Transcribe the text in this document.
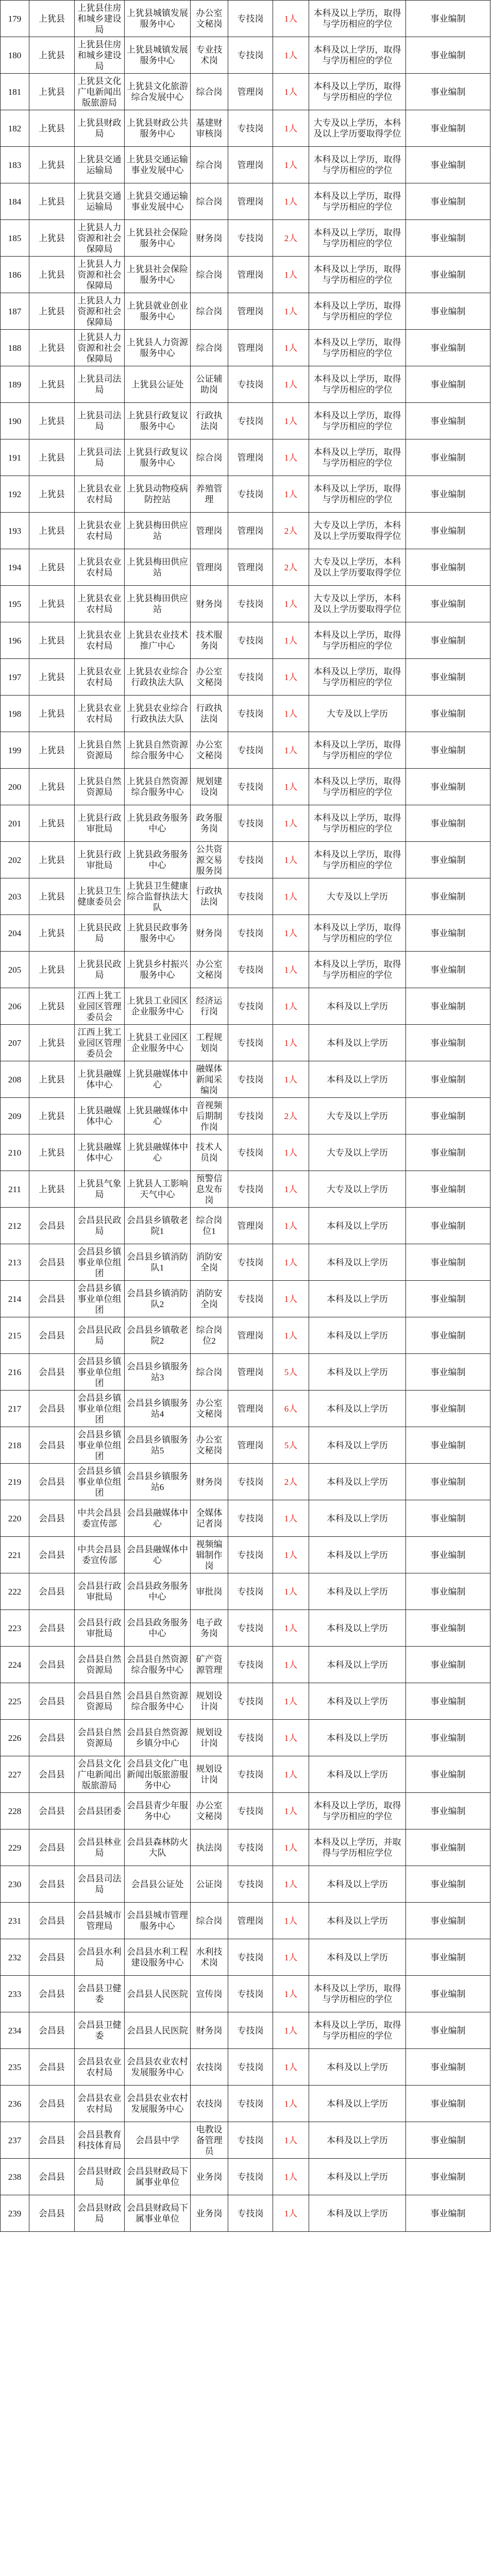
179	上犹县	上犹县住房和城乡建设局	上犹县城镇发展服务中心	办公室文秘岗	专技岗	1人	本科及以上学历，取得与学历相应的学位	事业编制
180	上犹县	上犹县住房和城乡建设局	上犹县城镇发展服务中心	专业技术岗	专技岗	1人	本科及以上学历，取得与学历相应的学位	事业编制
181	上犹县	上犹县文化广电新闻出版旅游局	上犹县文化旅游综合发展中心	综合岗	管理岗	1人	本科及以上学历，取得与学历相应的学位	事业编制
182	上犹县	上犹县财政局	上犹县财政公共服务中心	基建财审核岗	专技岗	1人	大专及以上学历，本科及以上学历要取得学位	事业编制
183	上犹县	上犹县交通运输局	上犹县交通运输事业发展中心	综合岗	管理岗	1人	本科及以上学历，取得与学历相应的学位	事业编制
184	上犹县	上犹县交通运输局	上犹县交通运输事业发展中心	综合岗	管理岗	1人	本科及以上学历，取得与学历相应的学位	事业编制
185	上犹县	上犹县人力资源和社会保障局	上犹县社会保险服务中心	财务岗	专技岗	2人	本科及以上学历，取得与学历相应的学位	事业编制
186	上犹县	上犹县人力资源和社会保障局	上犹县社会保险服务中心	综合岗	管理岗	1人	本科及以上学历，取得与学历相应的学位	事业编制
187	上犹县	上犹县人力资源和社会保障局	上犹县就业创业服务中心	综合岗	管理岗	1人	本科及以上学历，取得与学历相应的学位	事业编制
188	上犹县	上犹县人力资源和社会保障局	上犹县人力资源服务中心	综合岗	管理岗	1人	本科及以上学历，取得与学历相应的学位	事业编制
189	上犹县	上犹县司法局	上犹县公证处	公证辅助岗	专技岗	1人	本科及以上学历，取得与学历相应的学位	事业编制
190	上犹县	上犹县司法局	上犹县行政复议服务中心	行政执法岗	专技岗	1人	本科及以上学历，取得与学历相应的学位	事业编制
191	上犹县	上犹县司法局	上犹县行政复议服务中心	综合岗	管理岗	1人	本科及以上学历，取得与学历相应的学位	事业编制
192	上犹县	上犹县农业农村局	上犹县动物疫病防控站	养殖管理	专技岗	1人	本科及以上学历，取得与学历相应的学位	事业编制
193	上犹县	上犹县农业农村局	上犹县梅田供应站	管理岗	管理岗	2人	大专及以上学历，本科及以上学历要取得学位	事业编制
194	上犹县	上犹县农业农村局	上犹县梅田供应站	管理岗	管理岗	2人	大专及以上学历，本科及以上学历要取得学位	事业编制
195	上犹县	上犹县农业农村局	上犹县梅田供应站	财务岗	专技岗	1人	大专及以上学历，本科及以上学历要取得学位	事业编制
196	上犹县	上犹县农业农村局	上犹县农业技术推广中心	技术服务岗	专技岗	1人	本科及以上学历，取得与学历相应的学位	事业编制
197	上犹县	上犹县农业农村局	上犹县农业综合行政执法大队	办公室文秘岗	专技岗	1人	本科及以上学历，取得与学历相应的学位	事业编制
198	上犹县	上犹县农业农村局	上犹县农业综合行政执法大队	行政执法岗	专技岗	1人	大专及以上学历	事业编制
199	上犹县	上犹县自然资源局	上犹县自然资源综合服务中心	办公室文秘岗	专技岗	1人	本科及以上学历，取得与学历相应的学位	事业编制
200	上犹县	上犹县自然资源局	上犹县自然资源综合服务中心	规划建设岗	专技岗	1人	本科及以上学历，取得与学历相应的学位	事业编制
201	上犹县	上犹县行政审批局	上犹县政务服务中心	政务服务岗	专技岗	1人	本科及以上学历，取得与学历相应的学位	事业编制
202	上犹县	上犹县行政审批局	上犹县政务服务中心	公共资源交易服务岗	专技岗	1人	本科及以上学历，取得与学历相应的学位	事业编制
203	上犹县	上犹县卫生健康委员会	上犹县卫生健康综合监督执法大队	行政执法岗	专技岗	1人	大专及以上学历	事业编制
204	上犹县	上犹县民政局	上犹县民政事务服务中心	财务岗	专技岗	1人	本科及以上学历，取得与学历相应的学位	事业编制
205	上犹县	上犹县民政局	上犹县乡村振兴服务中心	办公室文秘岗	专技岗	1人	本科及以上学历，取得与学历相应的学位	事业编制
206	上犹县	江西上犹工业园区管理委员会	上犹县工业园区企业服务中心	经济运行岗	专技岗	1人	本科及以上学历	事业编制
207	上犹县	江西上犹工业园区管理委员会	上犹县工业园区企业服务中心	工程规划岗	专技岗	1人	本科及以上学历	事业编制
208	上犹县	上犹县融媒体中心	上犹县融媒体中心	融媒体新闻采编岗	专技岗	1人	本科及以上学历	事业编制
209	上犹县	上犹县融媒体中心	上犹县融媒体中心	音视频后期制作岗	专技岗	2人	大专及以上学历	事业编制
210	上犹县	上犹县融媒体中心	上犹县融媒体中心	技术人员岗	专技岗	1人	大专及以上学历	事业编制
211	上犹县	上犹县气象局	上犹县人工影响天气中心	预警信息发布岗	专技岗	1人	大专及以上学历	事业编制
212	会昌县	会昌县民政局	会昌县乡镇敬老院1	综合岗位1	管理岗	1人	本科及以上学历	事业编制
213	会昌县	会昌县乡镇事业单位组团	会昌县乡镇消防队1	消防安全岗	专技岗	1人	本科及以上学历	事业编制
214	会昌县	会昌县乡镇事业单位组团	会昌县乡镇消防队2	消防安全岗	专技岗	1人	本科及以上学历	事业编制
215	会昌县	会昌县民政局	会昌县乡镇敬老院2	综合岗位2	管理岗	1人	本科及以上学历	事业编制
216	会昌县	会昌县乡镇事业单位组团	会昌县乡镇服务站3	综合岗	管理岗	5人	本科及以上学历	事业编制
217	会昌县	会昌县乡镇事业单位组团	会昌县乡镇服务站4	办公室文秘岗	管理岗	6人	本科及以上学历	事业编制
218	会昌县	会昌县乡镇事业单位组团	会昌县乡镇服务站5	办公室文秘岗	管理岗	5人	本科及以上学历	事业编制
219	会昌县	会昌县乡镇事业单位组团	会昌县乡镇服务站6	财务岗	专技岗	2人	本科及以上学历	事业编制
220	会昌县	中共会昌县委宣传部	会昌县融媒体中心	全媒体记者岗	专技岗	1人	本科及以上学历	事业编制
221	会昌县	中共会昌县委宣传部	会昌县融媒体中心	视频编辑制作岗	专技岗	1人	本科及以上学历	事业编制
222	会昌县	会昌县行政审批局	会昌县政务服务中心	审批岗	专技岗	1人	本科及以上学历	事业编制
223	会昌县	会昌县行政审批局	会昌县政务服务中心	电子政务岗	专技岗	1人	本科及以上学历	事业编制
224	会昌县	会昌县自然资源局	会昌县自然资源综合服务中心	矿产资源管理	专技岗	1人	本科及以上学历	事业编制
225	会昌县	会昌县自然资源局	会昌县自然资源综合服务中心	规划设计岗	专技岗	1人	本科及以上学历	事业编制
226	会昌县	会昌县自然资源局	会昌县自然资源乡镇分中心	规划设计岗	专技岗	1人	本科及以上学历	事业编制
227	会昌县	会昌县文化广电新闻出版旅游局	会昌县文化广电新闻出版旅游服务中心	规划设计岗	专技岗	1人	本科及以上学历	事业编制
228	会昌县	会昌县团委	会昌县青少年服务中心	办公室文秘岗	专技岗	1人	本科及以上学历，取得与学历相应的学位	事业编制
229	会昌县	会昌县林业局	会昌县森林防火大队	执法岗	专技岗	1人	本科及以上学历，并取得与学历相应学位	事业编制
230	会昌县	会昌县司法局	会昌县公证处	公证岗	专技岗	1人	本科及以上学历	事业编制
231	会昌县	会昌县城市管理局	会昌县城市管理服务中心	综合岗	管理岗	1人	本科及以上学历	事业编制
232	会昌县	会昌县水利局	会昌县水利工程建设服务中心	水利技术岗	专技岗	1人	本科及以上学历	事业编制
233	会昌县	会昌县卫健委	会昌县人民医院	宣传岗	专技岗	1人	本科及以上学历，取得与学历相应的学位	事业编制
234	会昌县	会昌县卫健委	会昌县人民医院	财务岗	专技岗	1人	本科及以上学历，取得与学历相应的学位	事业编制
235	会昌县	会昌县农业农村局	会昌县农业农村发展服务中心	农技岗	专技岗	1人	本科及以上学历	事业编制
236	会昌县	会昌县农业农村局	会昌县农业农村发展服务中心	农技岗	专技岗	1人	本科及以上学历	事业编制
237	会昌县	会昌县教育科技体育局	会昌县中学	电教设备管理员	专技岗	1人	本科及以上学历	事业编制
238	会昌县	会昌县财政局	会昌县财政局下属事业单位	业务岗	专技岗	1人	本科及以上学历	事业编制
239	会昌县	会昌县财政局	会昌县财政局下属事业单位	业务岗	专技岗	1人	本科及以上学历	事业编制
